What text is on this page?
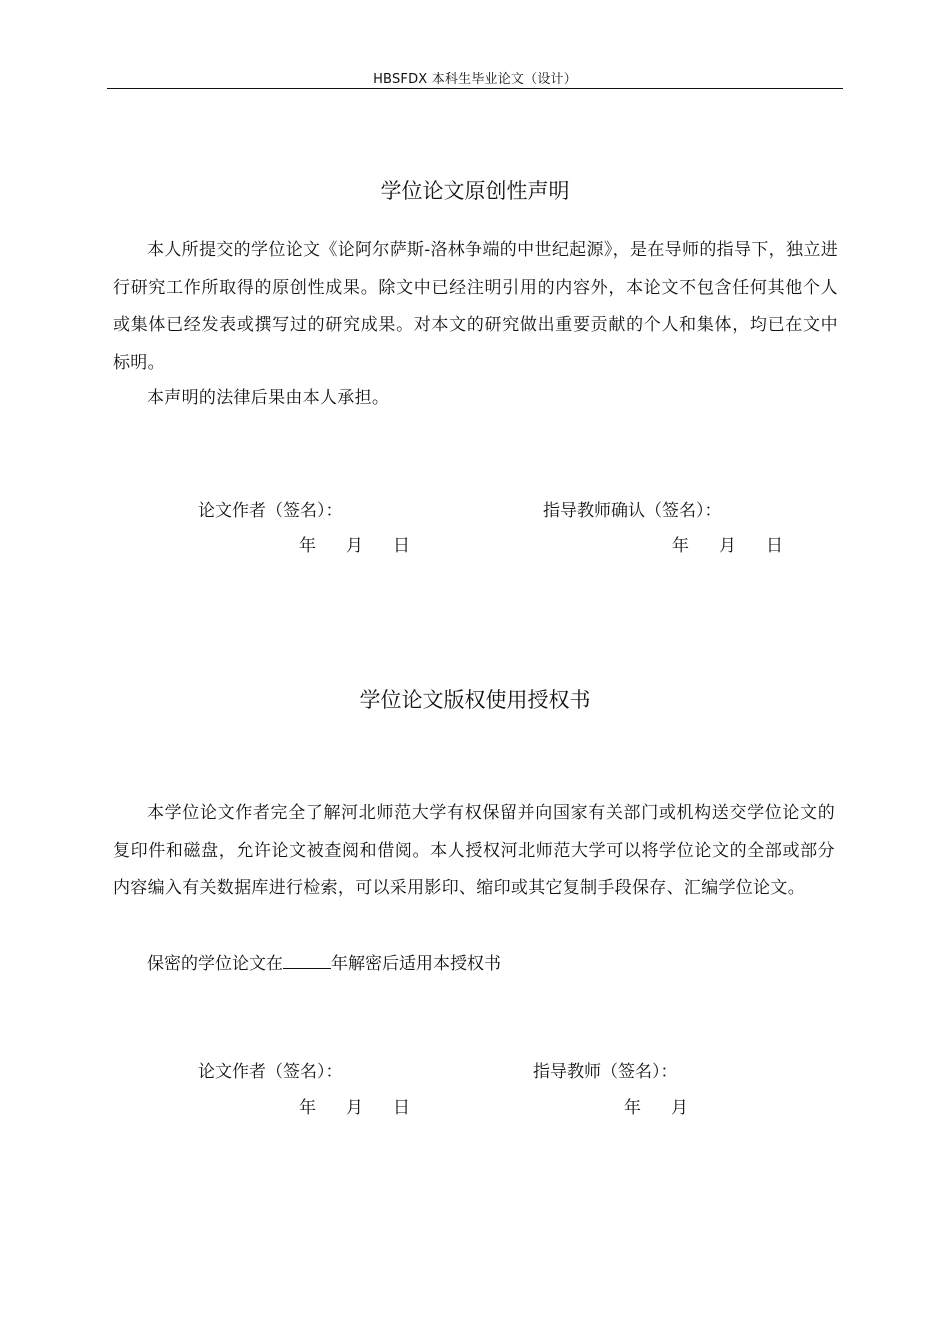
HBSFDX 本科生毕业论文（设计）
学位论文原创性声明

本人所提交的学位论文《论阿尔萨斯-洛林争端的中世纪起源》，是在导师的指导下，独立进行研究工作所取得的原创性成果。除文中已经注明引用的内容外，本论文不包含任何其他个人或集体已经发表或撰写过的研究成果。对本文的研究做出重要贡献的个人和集体，均已在文中标明。

本声明的法律后果由本人承担。

论文作者（签名）：	指导教师确认（签名）：
年 月 日	年 月 日
学位论文版权使用授权书

本学位论文作者完全了解河北师范大学有权保留并向国家有关部门或机构送交学位论文的复印件和磁盘，允许论文被查阅和借阅。本人授权河北师范大学可以将学位论文的全部或部分内容编入有关数据库进行检索，可以采用影印、缩印或其它复制手段保存、汇编学位论文。

保密的学位论文在	年解密后适用本授权书
论文作者（签名）：	指导教师（签名）：
年 月 日	年 月
